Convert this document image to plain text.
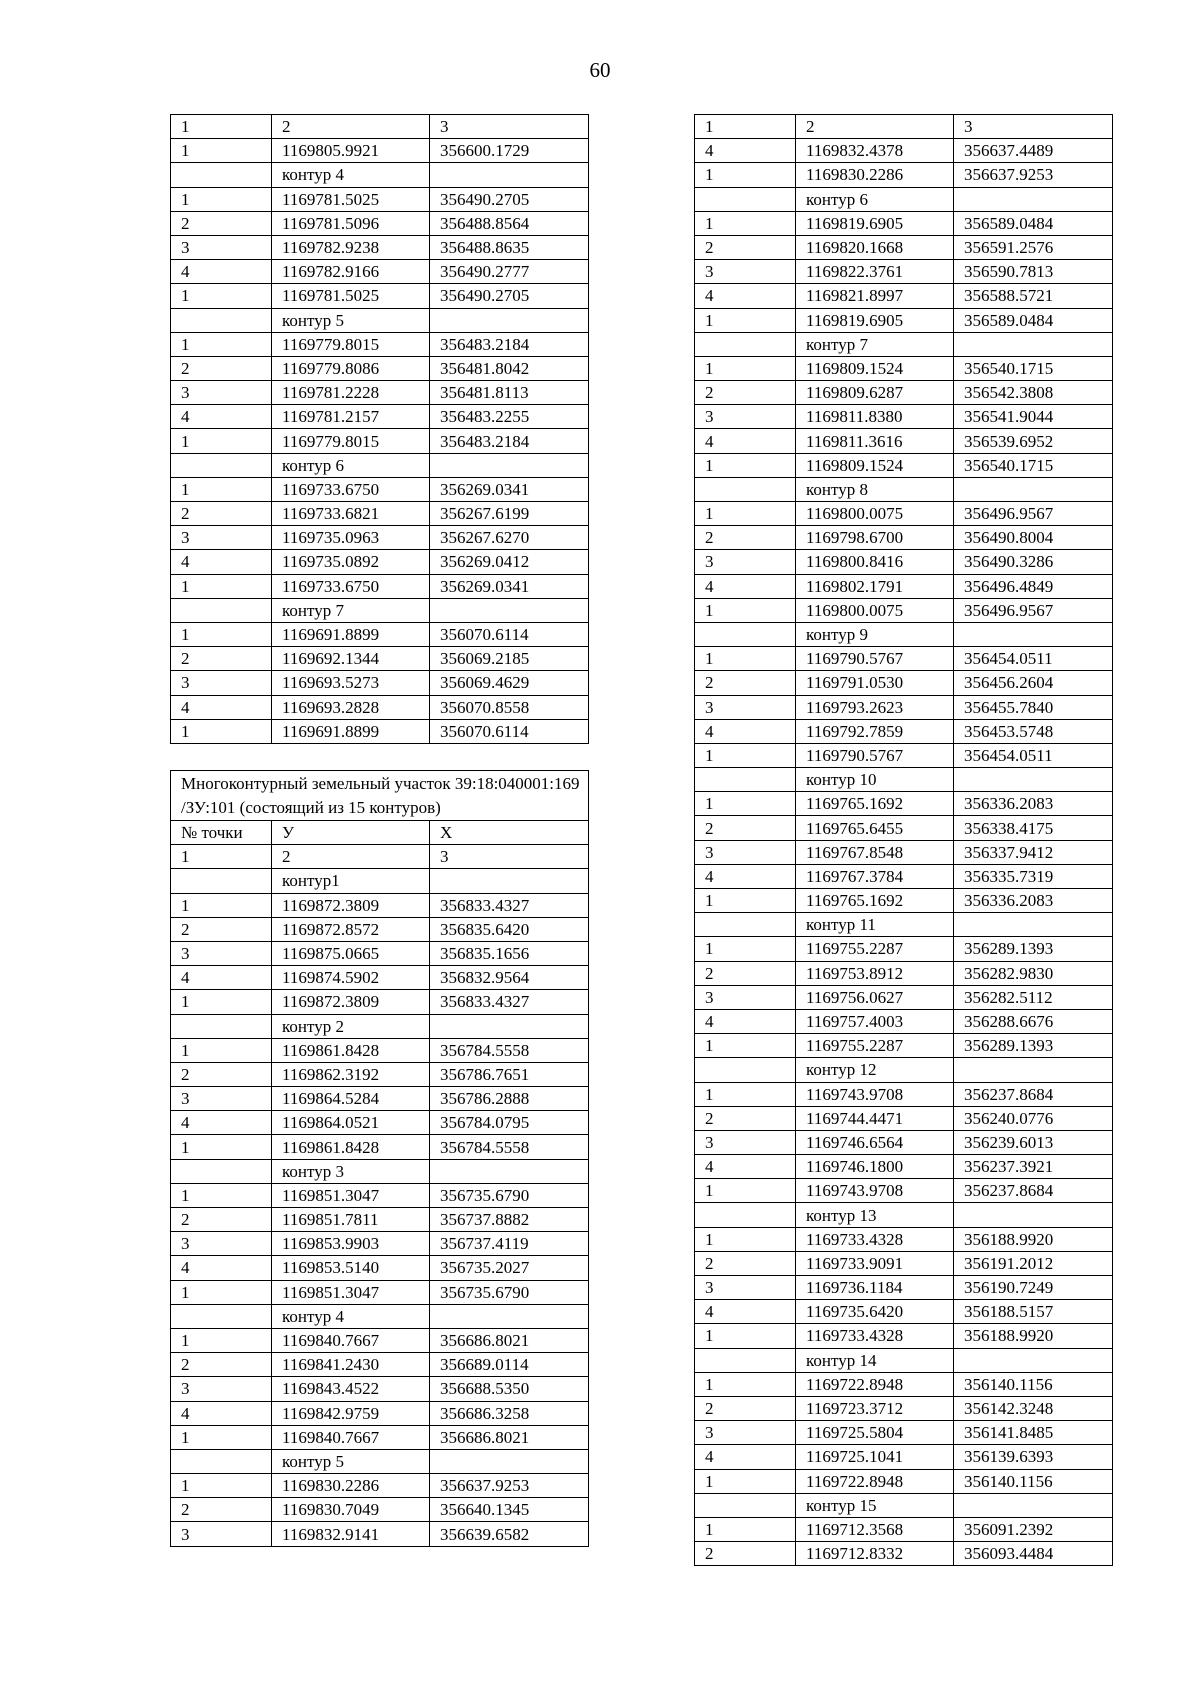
60
1	2	3
1	1169805.9921	356600.1729
	контур 4	
1	1169781.5025	356490.2705
2	1169781.5096	356488.8564
3	1169782.9238	356488.8635
4	1169782.9166	356490.2777
1	1169781.5025	356490.2705
	контур 5	
1	1169779.8015	356483.2184
2	1169779.8086	356481.8042
3	1169781.2228	356481.8113
4	1169781.2157	356483.2255
1	1169779.8015	356483.2184
	контур 6	
1	1169733.6750	356269.0341
2	1169733.6821	356267.6199
3	1169735.0963	356267.6270
4	1169735.0892	356269.0412
1	1169733.6750	356269.0341
	контур 7	
1	1169691.8899	356070.6114
2	1169692.1344	356069.2185
3	1169693.5273	356069.4629
4	1169693.2828	356070.8558
1	1169691.8899	356070.6114
Многоконтурный земельный участок 39:18:040001:169 /ЗУ:101 (состоящий из 15 контуров)		
№ точки	У	Х
1	2	3
	контур1	
1	1169872.3809	356833.4327
2	1169872.8572	356835.6420
3	1169875.0665	356835.1656
4	1169874.5902	356832.9564
1	1169872.3809	356833.4327
	контур 2	
1	1169861.8428	356784.5558
2	1169862.3192	356786.7651
3	1169864.5284	356786.2888
4	1169864.0521	356784.0795
1	1169861.8428	356784.5558
	контур 3	
1	1169851.3047	356735.6790
2	1169851.7811	356737.8882
3	1169853.9903	356737.4119
4	1169853.5140	356735.2027
1	1169851.3047	356735.6790
	контур 4	
1	1169840.7667	356686.8021
2	1169841.2430	356689.0114
3	1169843.4522	356688.5350
4	1169842.9759	356686.3258
1	1169840.7667	356686.8021
	контур 5	
1	1169830.2286	356637.9253
2	1169830.7049	356640.1345
3	1169832.9141	356639.6582
1	2	3
4	1169832.4378	356637.4489
1	1169830.2286	356637.9253
	контур 6	
1	1169819.6905	356589.0484
2	1169820.1668	356591.2576
3	1169822.3761	356590.7813
4	1169821.8997	356588.5721
1	1169819.6905	356589.0484
	контур 7	
1	1169809.1524	356540.1715
2	1169809.6287	356542.3808
3	1169811.8380	356541.9044
4	1169811.3616	356539.6952
1	1169809.1524	356540.1715
	контур 8	
1	1169800.0075	356496.9567
2	1169798.6700	356490.8004
3	1169800.8416	356490.3286
4	1169802.1791	356496.4849
1	1169800.0075	356496.9567
	контур 9	
1	1169790.5767	356454.0511
2	1169791.0530	356456.2604
3	1169793.2623	356455.7840
4	1169792.7859	356453.5748
1	1169790.5767	356454.0511
	контур 10	
1	1169765.1692	356336.2083
2	1169765.6455	356338.4175
3	1169767.8548	356337.9412
4	1169767.3784	356335.7319
1	1169765.1692	356336.2083
	контур 11	
1	1169755.2287	356289.1393
2	1169753.8912	356282.9830
3	1169756.0627	356282.5112
4	1169757.4003	356288.6676
1	1169755.2287	356289.1393
	контур 12	
1	1169743.9708	356237.8684
2	1169744.4471	356240.0776
3	1169746.6564	356239.6013
4	1169746.1800	356237.3921
1	1169743.9708	356237.8684
	контур 13	
1	1169733.4328	356188.9920
2	1169733.9091	356191.2012
3	1169736.1184	356190.7249
4	1169735.6420	356188.5157
1	1169733.4328	356188.9920
	контур 14	
1	1169722.8948	356140.1156
2	1169723.3712	356142.3248
3	1169725.5804	356141.8485
4	1169725.1041	356139.6393
1	1169722.8948	356140.1156
	контур 15	
1	1169712.3568	356091.2392
2	1169712.8332	356093.4484
